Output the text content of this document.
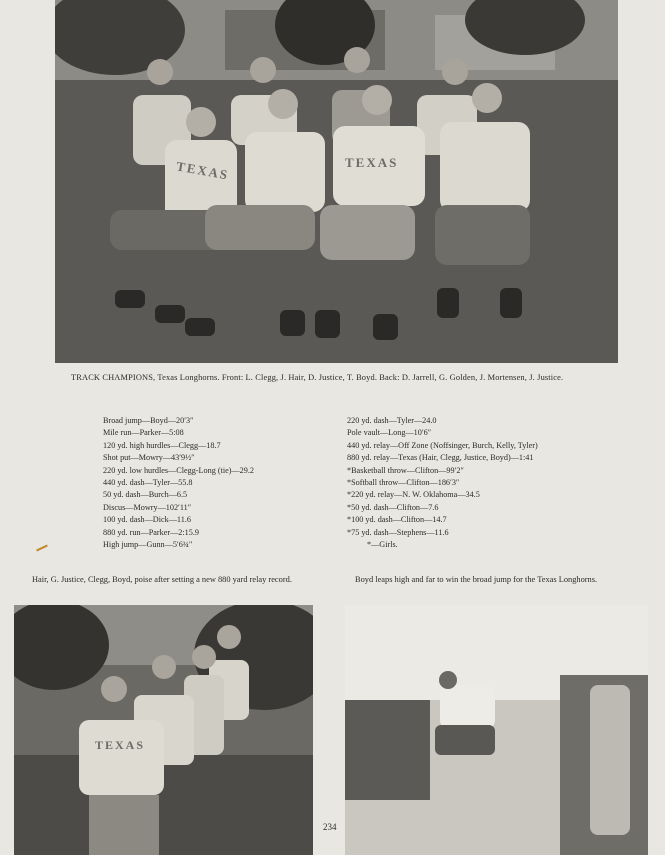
TEXAS	TEXAS
TRACK CHAMPIONS, Texas Longhorns. Front: L. Clegg, J. Hair, D. Justice, T. Boyd. Back: D. Jarrell, G. Golden, J. Mortensen, J. Justice.
Broad jump—Boyd—20′3″
Mile run—Parker—5:08
120 yd. high hurdles—Clegg—18.7
Shot put—Mowry—43′9½″
220 yd. low hurdles—Clegg-Long (tie)—29.2
440 yd. dash—Tyler—55.8
50 yd. dash—Burch—6.5
Discus—Mowry—102′11″
100 yd. dash—Dick—11.6
880 yd. run—Parker—2:15.9
High jump—Gunn—5′6¾″
220 yd. dash—Tyler—24.0
Pole vault—Long—10′6″
440 yd. relay—Off Zone (Noffsinger, Burch, Kelly, Tyler)
880 yd. relay—Texas (Hair, Clegg, Justice, Boyd)—1:41
*Basketball throw—Clifton—99′2″
*Softball throw—Clifton—186′3″
*220 yd. relay—N. W. Oklahoma—34.5
*50 yd. dash—Clifton—7.6
*100 yd. dash—Clifton—14.7
*75 yd. dash—Stephens—11.6
*—Girls.
Hair, G. Justice, Clegg, Boyd, poise after setting a new 880 yard relay record.	Boyd leaps high and far to win the broad jump for the Texas Longhorns.
TEXAS
234
